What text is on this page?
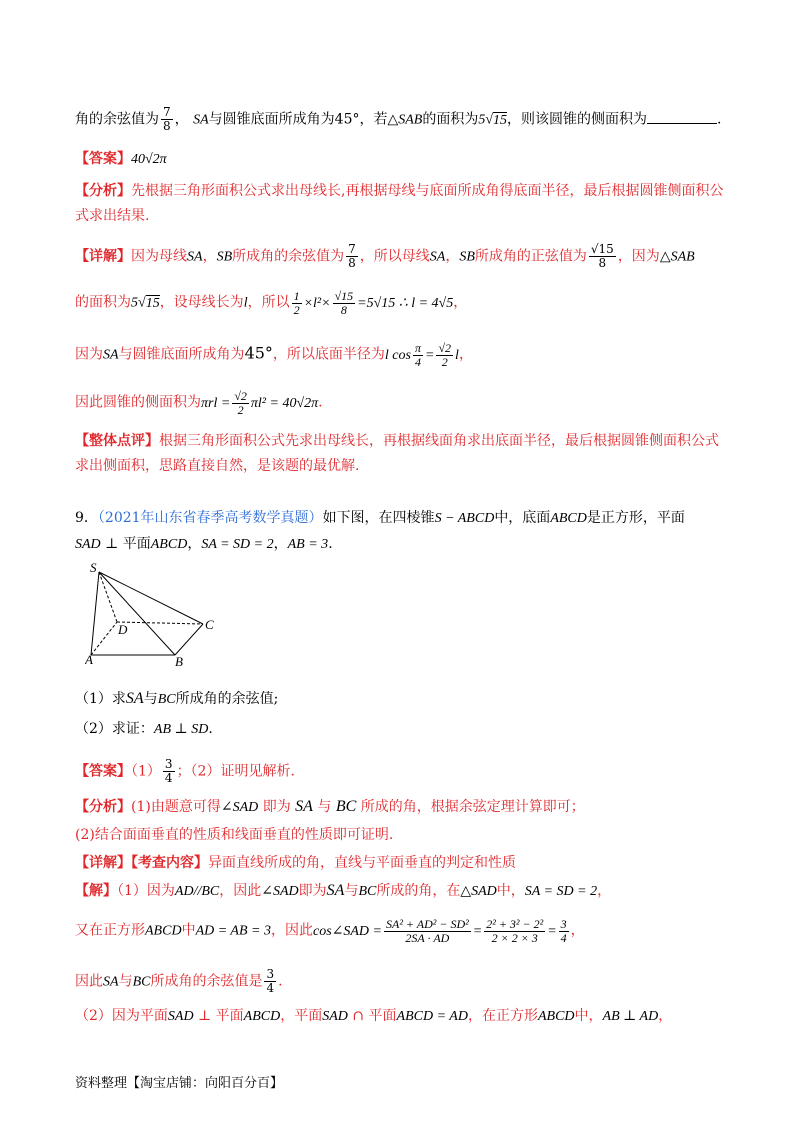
角的余弦值为 $\frac{7}{8}$ ， SA与圆锥底面所成角为45°，若△SAB的面积为5√15，则该圆锥的侧面积为	.
【答案】40√2π
【分析】先根据三角形面积公式求出母线长,再根据母线与底面所成角得底面半径，最后根据圆锥侧面积公
式求出结果.
【详解】因为母线SA，SB所成角的余弦值为 $\frac{7}{8}$ ，所以母线SA，SB所成角的正弦值为 $\frac{√15}{8}$ ，因为△SAB
的面积为5√15，设母线长为l，所以 $\frac{1}{2} \times l^2\times \frac{√15}{8} =5√15$ ∴ l = 4√5，
因为SA与圆锥底面所成角为45°，所以底面半径为l $\cos \frac{\pi}{4} = \frac{√2}{2}$ l，
因此圆锥的侧面积为$\pi rl = \frac{√2}{2} \pi l^2 = 40√2\pi$.
【整体点评】根据三角形面积公式先求出母线长，再根据线面角求出底面半径，最后根据圆锥侧面积公式
求出侧面积，思路直接自然，是该题的最优解.
9．（2021年山东省春季高考数学真题）如下图，在四棱锥S − ABCD中，底面ABCD是正方形，平面
SAD ⊥ 平面ABCD，SA = SD = 2，AB = 3.
S
D	C
A	B
（1）求SA与BC所成角的余弦值;
（2）求证：AB ⊥ SD.
【答案】$(1) \frac{3}{4}$ ；（2）证明见解析.
【分析】(1)由题意可得∠SAD 即为 SA 与 BC 所成的角，根据余弦定理计算即可；
(2)结合面面垂直的性质和线面垂直的性质即可证明.
【详解】【考查内容】异面直线所成的角，直线与平面垂直的判定和性质
【解】（1）因为AD//BC，因此∠SAD即为SA与BC所成的角，在△SAD中，SA = SD = 2，
又在正方形ABCD中AD = AB = 3，因此cos∠SAD = $\frac{\text{SA² + AD² − SD²}}{2SA \cdot AD} = \frac{\text{2² + 3² − 2²}}{2 \times 2 \times 3} = \frac{3}{4}$ ，
因此SA与BC所成角的余弦值是 $\frac{3}{4}$ .
（2）因为平面SAD ⊥ 平面ABCD，平面SAD ∩ 平面ABCD = AD，在正方形ABCD中，AB ⊥ AD，
资料整理【淘宝店铺：向阳百分百】
